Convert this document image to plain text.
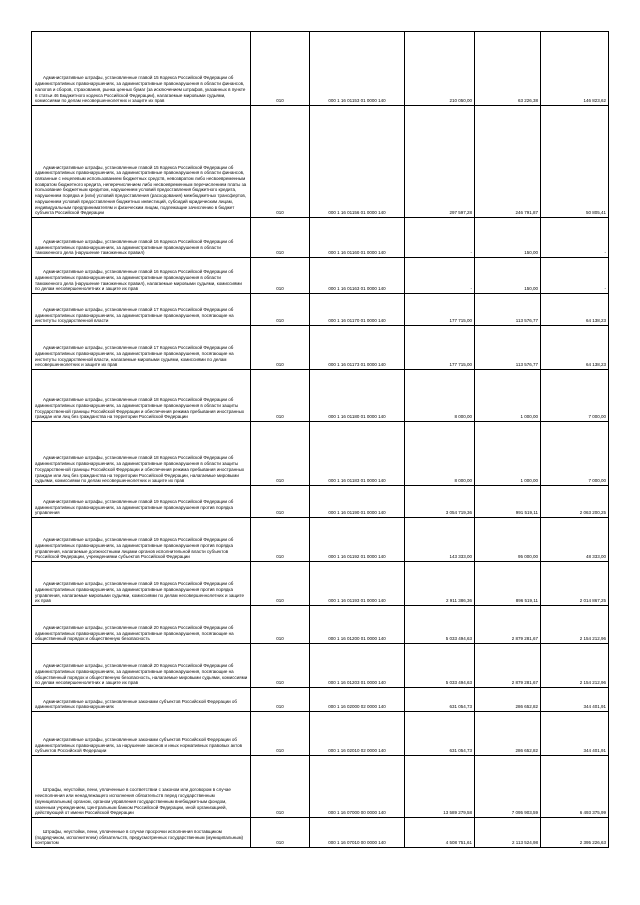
Административные штрафы, установленные главой 15 Кодекса Российской Федерации об административных правонарушениях, за административные правонарушения в области финансов, налогов и сборов, страхования, рынка ценных бумаг (за исключением штрафов, указанных в пункте 6 статьи 46 Бюджетного кодекса Российской Федерации), налагаемые мировыми судьями, комиссиями по делам несовершеннолетних и защите их прав	010	000 1 16 01153 01 0000 140	210 050,00	63 226,38	146 823,62

Административные штрафы, установленные главой 15 Кодекса Российской Федерации об административных правонарушениях, за административные правонарушения в области финансов, связанные с нецелевым использованием бюджетных средств, невозвратом либо несвоевременным возвратом бюджетного кредита, неперечислением либо несвоевременным перечислением платы за пользование бюджетным кредитом, нарушением условий предоставления бюджетного кредита, нарушением порядка и (или) условий предоставления (расходования) межбюджетных трансфертов, нарушением условий предоставления бюджетных инвестиций, субсидий юридическим лицам, индивидуальным предпринимателям и физическим лицам, подлежащие зачислению в бюджет субъекта Российской Федерации	010	000 1 16 01156 01 0000 140	297 597,28	246 791,87	50 805,41

Административные штрафы, установленные главой 16 Кодекса Российской Федерации об административных правонарушениях, за административные правонарушения в области таможенного дела (нарушение таможенных правил)	010	000 1 16 01160 01 0000 140	-	150,00	-

Административные штрафы, установленные главой 16 Кодекса Российской Федерации об административных правонарушениях, за административные правонарушения в области таможенного дела (нарушение таможенных правил), налагаемые мировыми судьями, комиссиями по делам несовершеннолетних и защите их прав	010	000 1 16 01163 01 0000 140	-	150,00	-

Административные штрафы, установленные главой 17 Кодекса Российской Федерации об административных правонарушениях, за административные правонарушения, посягающие на институты государственной власти	010	000 1 16 01170 01 0000 140	177 715,00	113 576,77	64 138,23

Административные штрафы, установленные главой 17 Кодекса Российской Федерации об административных правонарушениях, за административные правонарушения, посягающие на институты государственной власти, налагаемые мировыми судьями, комиссиями по делам несовершеннолетних и защите их прав	010	000 1 16 01173 01 0000 140	177 715,00	113 576,77	64 138,23

Административные штрафы, установленные главой 18 Кодекса Российской Федерации об административных правонарушениях, за административные правонарушения в области защиты Государственной границы Российской Федерации и обеспечения режима пребывания иностранных граждан или лиц без гражданства на территории Российской Федерации	010	000 1 16 01180 01 0000 140	8 000,00	1 000,00	7 000,00

Административные штрафы, установленные главой 18 Кодекса Российской Федерации об административных правонарушениях, за административные правонарушения в области защиты Государственной границы Российской Федерации и обеспечения режима пребывания иностранных граждан или лиц без гражданства на территории Российской Федерации, налагаемые мировыми судьями, комиссиями по делам несовершеннолетних и защите их прав	010	000 1 16 01183 01 0000 140	8 000,00	1 000,00	7 000,00

Административные штрафы, установленные главой 19 Кодекса Российской Федерации об административных правонарушениях, за административные правонарушения против порядка управления	010	000 1 16 01190 01 0000 140	3 054 719,36	991 519,11	2 063 200,25

Административные штрафы, установленные главой 19 Кодекса Российской Федерации об административных правонарушениях, за административные правонарушения против порядка управления, налагаемые должностными лицами органов исполнительной власти субъектов Российской Федерации, учреждениями субъектов Российской Федерации	010	000 1 16 01192 01 0000 140	143 333,00	95 000,00	48 333,00

Административные штрафы, установленные главой 19 Кодекса Российской Федерации об административных правонарушениях, за административные правонарушения против порядка управления, налагаемые мировыми судьями, комиссиями по делам несовершеннолетних и защите их прав	010	000 1 16 01193 01 0000 140	2 911 386,36	896 519,11	2 014 867,25

Административные штрафы, установленные главой 20 Кодекса Российской Федерации об административных правонарушениях, за административные правонарушения, посягающие на общественный порядок и общественную безопасность	010	000 1 16 01200 01 0000 140	5 033 494,63	2 879 281,67	2 154 212,96

Административные штрафы, установленные главой 20 Кодекса Российской Федерации об административных правонарушениях, за административные правонарушения, посягающие на общественный порядок и общественную безопасность, налагаемые мировыми судьями, комиссиями по делам несовершеннолетних и защите их прав	010	000 1 16 01203 01 0000 140	5 033 494,63	2 879 281,67	2 154 212,96

Административные штрафы, установленные законами субъектов Российской Федерации об административных правонарушениях	010	000 1 16 02000 02 0000 140	631 054,73	286 652,82	344 401,91

Административные штрафы, установленные законами субъектов Российской Федерации об административных правонарушениях, за нарушение законов и иных нормативных правовых актов субъектов Российской Федерации	010	000 1 16 02010 02 0000 140	631 054,73	286 652,82	344 401,91

Штрафы, неустойки, пени, уплаченные в соответствии с законом или договором в случае неисполнения или ненадлежащего исполнения обязательств перед государственным (муниципальным) органом, органом управления государственным внебюджетным фондом, казенным учреждением, Центральным банком Российской Федерации, иной организацией, действующей от имени Российской Федерации	010	000 1 16 07000 00 0000 140	13 589 279,58	7 095 903,59	6 493 375,99

Штрафы, неустойки, пени, уплаченные в случае просрочки исполнения поставщиком (подрядчиком, исполнителем) обязательств, предусмотренных государственным (муниципальным) контрактом	010	000 1 16 07010 00 0000 140	4 508 751,61	2 113 524,98	2 395 226,63
